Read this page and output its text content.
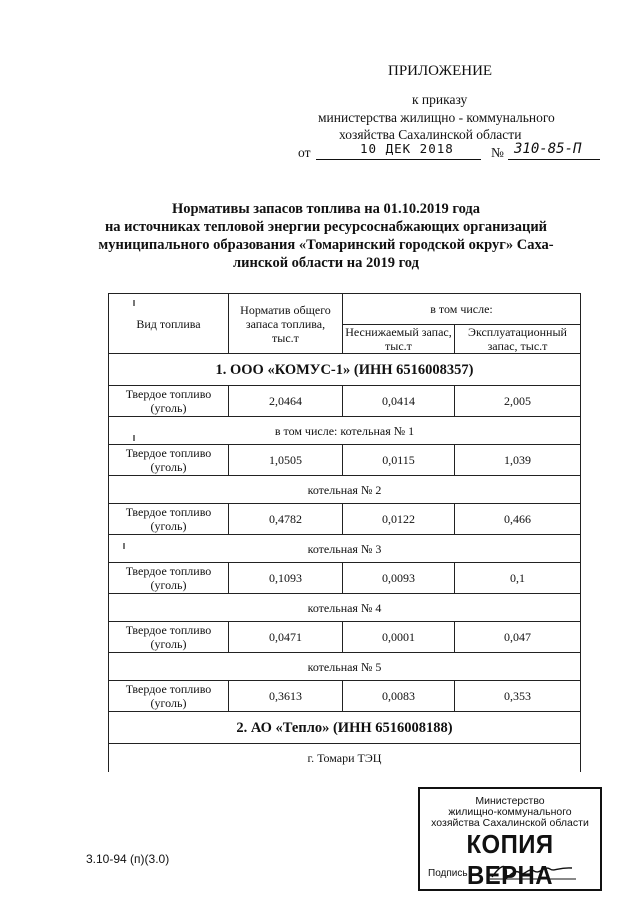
ПРИЛОЖЕНИЕ
к приказу
министерства жилищно - коммунального
хозяйства Сахалинской области
от	10 ДЕК 2018	№ 310-85-П
Нормативы запасов топлива на 01.10.2019 года
на источниках тепловой энергии ресурсоснабжающих организаций
муниципального образования «Томаринский городской округ» Саха-
линской области на 2019 год
Вид топлива	Норматив общего запаса топлива, тыс.т	в том числе:	
		Неснижаемый запас, тыс.т	Эксплуатационный запас, тыс.т
1. ООО «КОМУС-1» (ИНН 6516008357)			
Твердое топливо (уголь)	2,0464	0,0414	2,005
в том числе: котельная № 1			
Твердое топливо (уголь)	1,0505	0,0115	1,039
котельная № 2			
Твердое топливо (уголь)	0,4782	0,0122	0,466
котельная № 3			
Твердое топливо (уголь)	0,1093	0,0093	0,1
котельная № 4			
Твердое топливо (уголь)	0,0471	0,0001	0,047
котельная № 5			
Твердое топливо (уголь)	0,3613	0,0083	0,353
2. АО «Тепло» (ИНН 6516008188)			
г. Томари ТЭЦ			
Министерство
жилищно-коммунального
хозяйства Сахалинской области
КОПИЯ ВЕРНА
Подпись
3.10-94 (п)(3.0)
